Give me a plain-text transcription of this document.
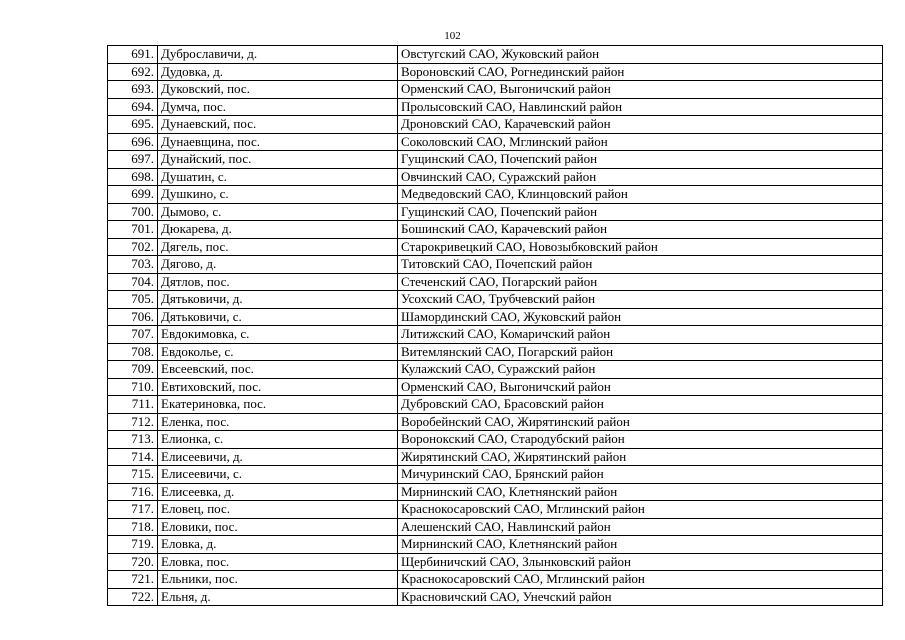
102
691.	Дуброславичи, д.	Овстугский САО, Жуковский район
692.	Дудовка, д.	Вороновский САО, Рогнединский район
693.	Дуковский, пос.	Орменский САО, Выгоничский район
694.	Думча, пос.	Пролысовский САО, Навлинский район
695.	Дунаевский, пос.	Дроновский САО, Карачевский район
696.	Дунаевщина, пос.	Соколовский САО, Мглинский район
697.	Дунайский, пос.	Гущинский САО, Почепский район
698.	Душатин, с.	Овчинский САО, Суражский район
699.	Душкино, с.	Медведовский САО, Клинцовский район
700.	Дымово, с.	Гущинский САО, Почепский район
701.	Дюкарева, д.	Бошинский САО, Карачевский район
702.	Дягель, пос.	Старокривецкий САО, Новозыбковский район
703.	Дягово, д.	Титовский САО, Почепский район
704.	Дятлов, пос.	Стеченский САО, Погарский район
705.	Дятьковичи, д.	Усохский САО, Трубчевский район
706.	Дятьковичи, с.	Шамординский САО, Жуковский район
707.	Евдокимовка, с.	Литижский САО, Комаричский район
708.	Евдоколье, с.	Витемлянский САО, Погарский район
709.	Евсеевский, пос.	Кулажский САО, Суражский район
710.	Евтиховский, пос.	Орменский САО, Выгоничский район
711.	Екатериновка, пос.	Дубровский САО, Брасовский район
712.	Еленка, пос.	Воробейнский САО, Жирятинский район
713.	Елионка, с.	Воронокский САО, Стародубский район
714.	Елисеевичи, д.	Жирятинский САО, Жирятинский район
715.	Елисеевичи, с.	Мичуринский САО, Брянский район
716.	Елисеевка, д.	Мирнинский САО, Клетнянский район
717.	Еловец, пос.	Краснокосаровский САО, Мглинский район
718.	Еловики, пос.	Алешенский САО, Навлинский район
719.	Еловка, д.	Мирнинский САО, Клетнянский район
720.	Еловка, пос.	Щербиничский САО, Злынковский район
721.	Ельники, пос.	Краснокосаровский САО, Мглинский район
722.	Ельня, д.	Красновичский САО, Унечский район
